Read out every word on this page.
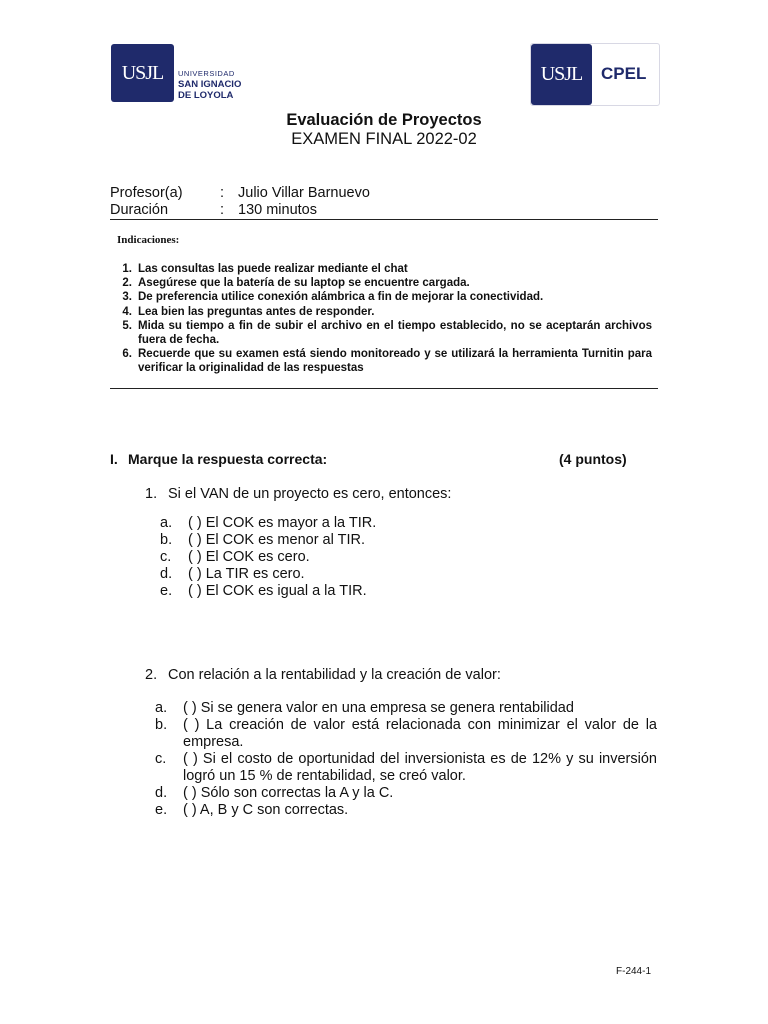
USJL UNIVERSIDAD
SAN IGNACIO
DE LOYOLA
USJL CPEL
Evaluación de Proyectos
EXAMEN FINAL 2022-02
Profesor(a)	: Julio Villar Barnuevo
Duración	: 130 minutos
Indicaciones:
1. Las consultas las puede realizar mediante el chat
2. Asegúrese que la batería de su laptop se encuentre cargada.
3. De preferencia utilice conexión alámbrica a fin de mejorar la conectividad.
4. Lea bien las preguntas antes de responder.
5. Mida su tiempo a fin de subir el archivo en el tiempo establecido, no se aceptarán archivos fuera de fecha.
6. Recuerde que su examen está siendo monitoreado y se utilizará la herramienta Turnitin para verificar la originalidad de las respuestas
I. Marque la respuesta correcta:	(4 puntos)
1. Si el VAN de un proyecto es cero, entonces:
a.	( ) El COK es mayor a la TIR.
b.	( ) El COK es menor al TIR.
c.	( ) El COK es cero.
d.	( ) La TIR es cero.
e.	( ) El COK es igual a la TIR.
2. Con relación a la rentabilidad y la creación de valor:
a.	( ) Si se genera valor en una empresa se genera rentabilidad
b.	( ) La creación de valor está relacionada con minimizar el valor de la empresa.
c.	( ) Si el costo de oportunidad del inversionista es de 12% y su inversión logró un 15 % de rentabilidad, se creó valor.
d.	( ) Sólo son correctas la A y la C.
e.	( ) A, B y C son correctas.
F-244-1
